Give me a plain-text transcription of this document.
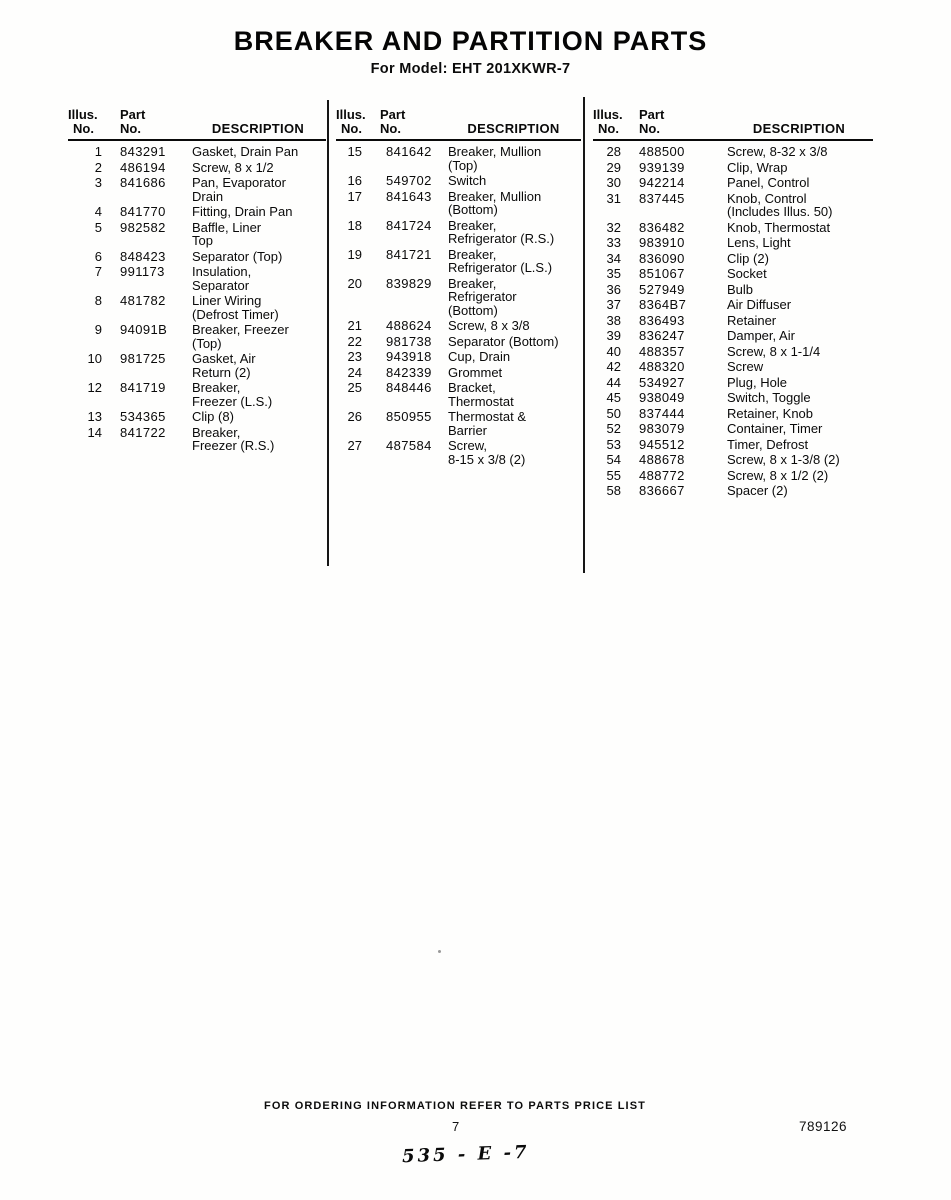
BREAKER AND PARTITION PARTS
For Model: EHT 201XKWR-7
Illus.
No.
Part
No.	DESCRIPTION
1	843291	Gasket, Drain Pan
2	486194	Screw, 8 x 1/2
3	841686	Pan, Evaporator
Drain
4	841770	Fitting, Drain Pan
5	982582	Baffle, Liner
Top
6	848423	Separator (Top)
7	991173	Insulation,
Separator
8	481782	Liner Wiring
(Defrost Timer)
9	94091B	Breaker, Freezer
(Top)
10	981725	Gasket, Air
Return (2)
12	841719	Breaker,
Freezer (L.S.)
13	534365	Clip (8)
14	841722	Breaker,
Freezer (R.S.)
Illus.
No.
Part
No.	DESCRIPTION
15	841642	Breaker, Mullion
(Top)
16	549702	Switch
17	841643	Breaker, Mullion
(Bottom)
18	841724	Breaker,
Refrigerator (R.S.)
19	841721	Breaker,
Refrigerator (L.S.)
20	839829	Breaker,
Refrigerator
(Bottom)
21	488624	Screw, 8 x 3/8
22	981738	Separator (Bottom)
23	943918	Cup, Drain
24	842339	Grommet
25	848446	Bracket,
Thermostat
26	850955	Thermostat &
Barrier
27	487584	Screw,
8-15 x 3/8 (2)
Illus.
No.
Part
No.	DESCRIPTION
28	488500	Screw, 8-32 x 3/8
29	939139	Clip, Wrap
30	942214	Panel, Control
31	837445	Knob, Control
(Includes Illus. 50)
32	836482	Knob, Thermostat
33	983910	Lens, Light
34	836090	Clip (2)
35	851067	Socket
36	527949	Bulb
37	8364B7	Air Diffuser
38	836493	Retainer
39	836247	Damper, Air
40	488357	Screw, 8 x 1-1/4
42	488320	Screw
44	534927	Plug, Hole
45	938049	Switch, Toggle
50	837444	Retainer, Knob
52	983079	Container, Timer
53	945512	Timer, Defrost
54	488678	Screw, 8 x 1-3/8 (2)
55	488772	Screw, 8 x 1/2 (2)
58	836667	Spacer (2)
FOR ORDERING INFORMATION REFER TO PARTS PRICE LIST
7	789126
535 - E -7
